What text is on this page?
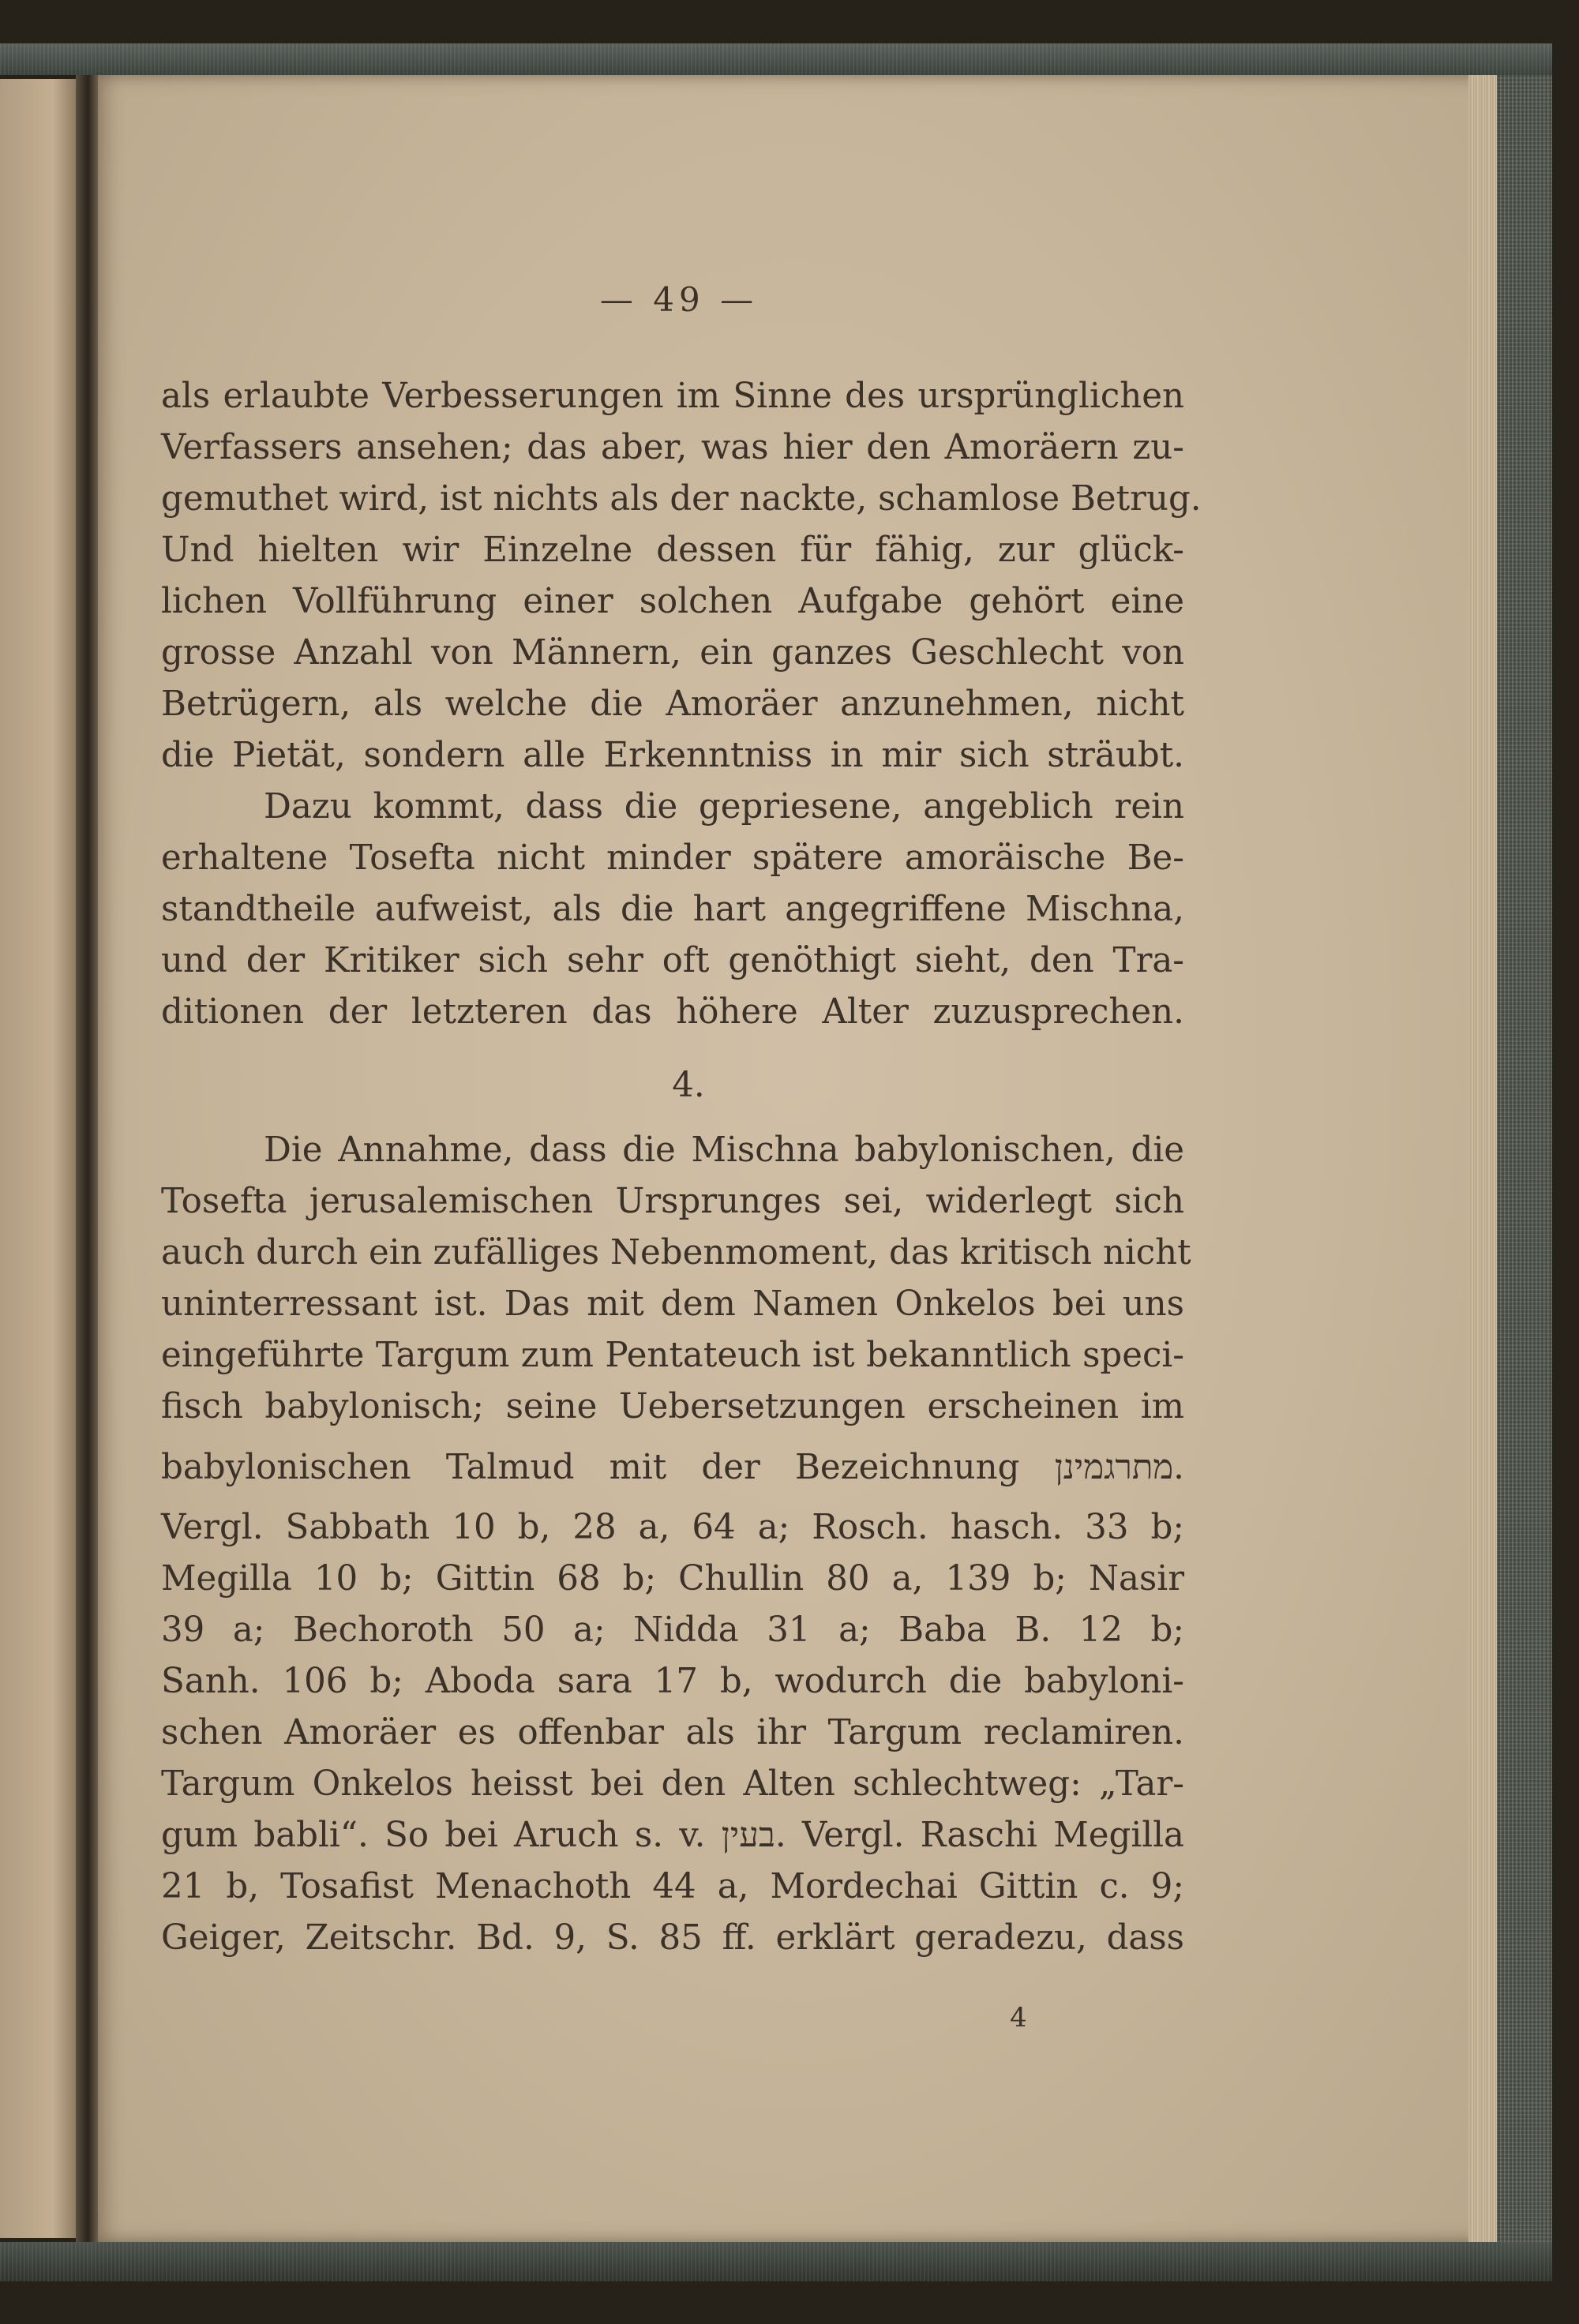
— 49 —
als erlaubte Verbesserungen im Sinne des ursprünglichen
Verfassers ansehen; das aber, was hier den Amoräern zu-
gemuthet wird, ist nichts als der nackte, schamlose Betrug.
Und hielten wir Einzelne dessen für fähig, zur glück-
lichen Vollführung einer solchen Aufgabe gehört eine
grosse Anzahl von Männern, ein ganzes Geschlecht von
Betrügern, als welche die Amoräer anzunehmen, nicht
die Pietät, sondern alle Erkenntniss in mir sich sträubt.
Dazu kommt, dass die gepriesene, angeblich rein
erhaltene Tosefta nicht minder spätere amoräische Be-
standtheile aufweist, als die hart angegriffene Mischna,
und der Kritiker sich sehr oft genöthigt sieht, den Tra-
ditionen der letzteren das höhere Alter zuzusprechen.
4.
Die Annahme, dass die Mischna babylonischen, die
Tosefta jerusalemischen Ursprunges sei, widerlegt sich
auch durch ein zufälliges Nebenmoment, das kritisch nicht
uninterressant ist. Das mit dem Namen Onkelos bei uns
eingeführte Targum zum Pentateuch ist bekanntlich speci-
fisch babylonisch; seine Uebersetzungen erscheinen im
babylonischen Talmud mit der Bezeichnung מתרגמינן.
Vergl. Sabbath 10 b, 28 a, 64 a; Rosch. hasch. 33 b;
Megilla 10 b; Gittin 68 b; Chullin 80 a, 139 b; Nasir
39 a; Bechoroth 50 a; Nidda 31 a; Baba B. 12 b;
Sanh. 106 b; Aboda sara 17 b, wodurch die babyloni-
schen Amoräer es offenbar als ihr Targum reclamiren.
Targum Onkelos heisst bei den Alten schlechtweg: „Tar-
gum babli“. So bei Aruch s. v. בעין. Vergl. Raschi Megilla
21 b, Tosafist Menachoth 44 a, Mordechai Gittin c. 9;
Geiger, Zeitschr. Bd. 9, S. 85 ff. erklärt geradezu, dass
4
